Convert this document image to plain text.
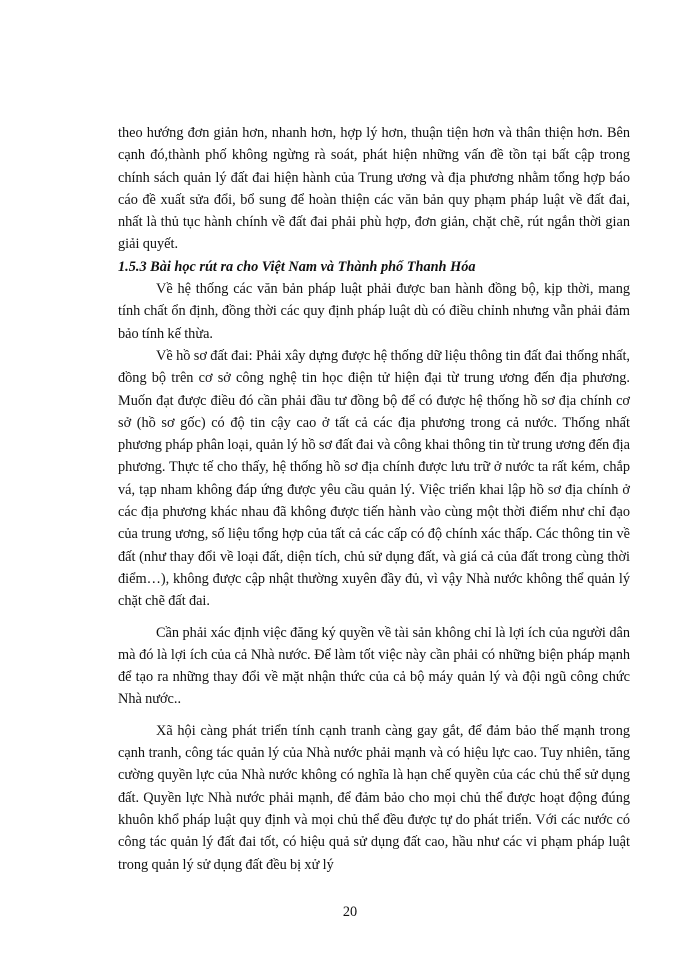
theo hướng đơn giản hơn, nhanh hơn, hợp lý hơn, thuận tiện hơn và thân thiện hơn. Bên cạnh đó,thành phố không ngừng rà soát, phát hiện những vấn đề tồn tại bất cập trong chính sách quản lý đất đai hiện hành của Trung ương và địa phương nhằm tổng hợp báo cáo đề xuất sửa đổi, bổ sung để hoàn thiện các văn bản quy phạm pháp luật về đất đai, nhất là thủ tục hành chính về đất đai phải phù hợp, đơn giản, chặt chẽ, rút ngắn thời gian giải quyết.

1.5.3 Bài học rút ra cho Việt Nam và Thành phố Thanh Hóa

Về hệ thống các văn bản pháp luật phải được ban hành đồng bộ, kịp thời, mang tính chất ổn định, đồng thời các quy định pháp luật dù có điều chỉnh nhưng vẫn phải đảm bảo tính kế thừa.

Về hồ sơ đất đai: Phải xây dựng được hệ thống dữ liệu thông tin đất đai thống nhất, đồng bộ trên cơ sở công nghệ tin học điện tử hiện đại từ trung ương đến địa phương. Muốn đạt được điều đó cần phải đầu tư đồng bộ để có được hệ thống hồ sơ địa chính cơ sở (hồ sơ gốc) có độ tin cậy cao ở tất cả các địa phương trong cả nước. Thống nhất phương pháp phân loại, quản lý hồ sơ đất đai và công khai thông tin từ trung ương đến địa phương. Thực tế cho thấy, hệ thống hồ sơ địa chính được lưu trữ ở nước ta rất kém, chắp vá, tạp nham không đáp ứng được yêu cầu quản lý. Việc triển khai lập hồ sơ địa chính ở các địa phương khác nhau đã không được tiến hành vào cùng một thời điểm như chỉ đạo của trung ương, số liệu tổng hợp của tất cả các cấp có độ chính xác thấp. Các thông tin về đất (như thay đổi về loại đất, diện tích, chủ sử dụng đất, và giá cả của đất trong cùng thời điểm…), không được cập nhật thường xuyên đầy đủ, vì vậy Nhà nước không thể quản lý chặt chẽ đất đai.

Cần phải xác định việc đăng ký quyền về tài sản không chỉ là lợi ích của người dân mà đó là lợi ích của cả Nhà nước. Để làm tốt việc này cần phải có những biện pháp mạnh để tạo ra những thay đổi về mặt nhận thức của cả bộ máy quản lý và đội ngũ công chức Nhà nước..

Xã hội càng phát triển tính cạnh tranh càng gay gắt, để đảm bảo thế mạnh trong cạnh tranh, công tác quản lý của Nhà nước phải mạnh và có hiệu lực cao. Tuy nhiên, tăng cường quyền lực của Nhà nước không có nghĩa là hạn chế quyền của các chủ thể sử dụng đất. Quyền lực Nhà nước phải mạnh, để đảm bảo cho mọi chủ thể được hoạt động đúng khuôn khổ pháp luật quy định và mọi chủ thể đều được tự do phát triển. Với các nước có công tác quản lý đất đai tốt, có hiệu quả sử dụng đất cao, hầu như các vi phạm pháp luật trong quản lý sử dụng đất đều bị xử lý

20
